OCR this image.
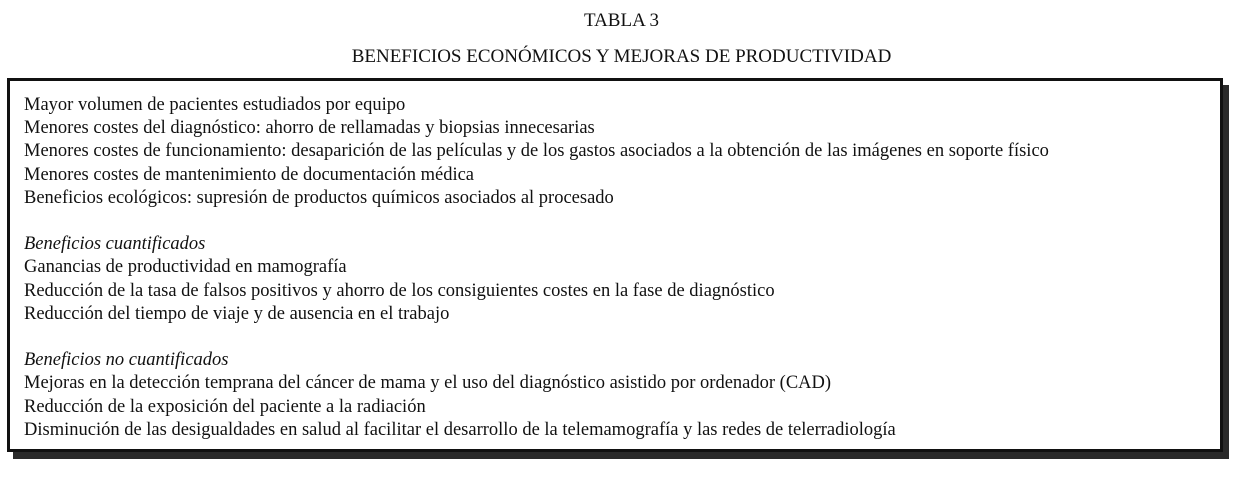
TABLA 3
BENEFICIOS ECONÓMICOS Y MEJORAS DE PRODUCTIVIDAD
Mayor volumen de pacientes estudiados por equipo
Menores costes del diagnóstico: ahorro de rellamadas y biopsias innecesarias
Menores costes de funcionamiento: desaparición de las películas y de los gastos asociados a la obtención de las imágenes en soporte físico
Menores costes de mantenimiento de documentación médica
Beneficios ecológicos: supresión de productos químicos asociados al procesado
Beneficios cuantificados
Ganancias de productividad en mamografía
Reducción de la tasa de falsos positivos y ahorro de los consiguientes costes en la fase de diagnóstico
Reducción del tiempo de viaje y de ausencia en el trabajo
Beneficios no cuantificados
Mejoras en la detección temprana del cáncer de mama y el uso del diagnóstico asistido por ordenador (CAD)
Reducción de la exposición del paciente a la radiación
Disminución de las desigualdades en salud al facilitar el desarrollo de la telemamografía y las redes de telerradiología
